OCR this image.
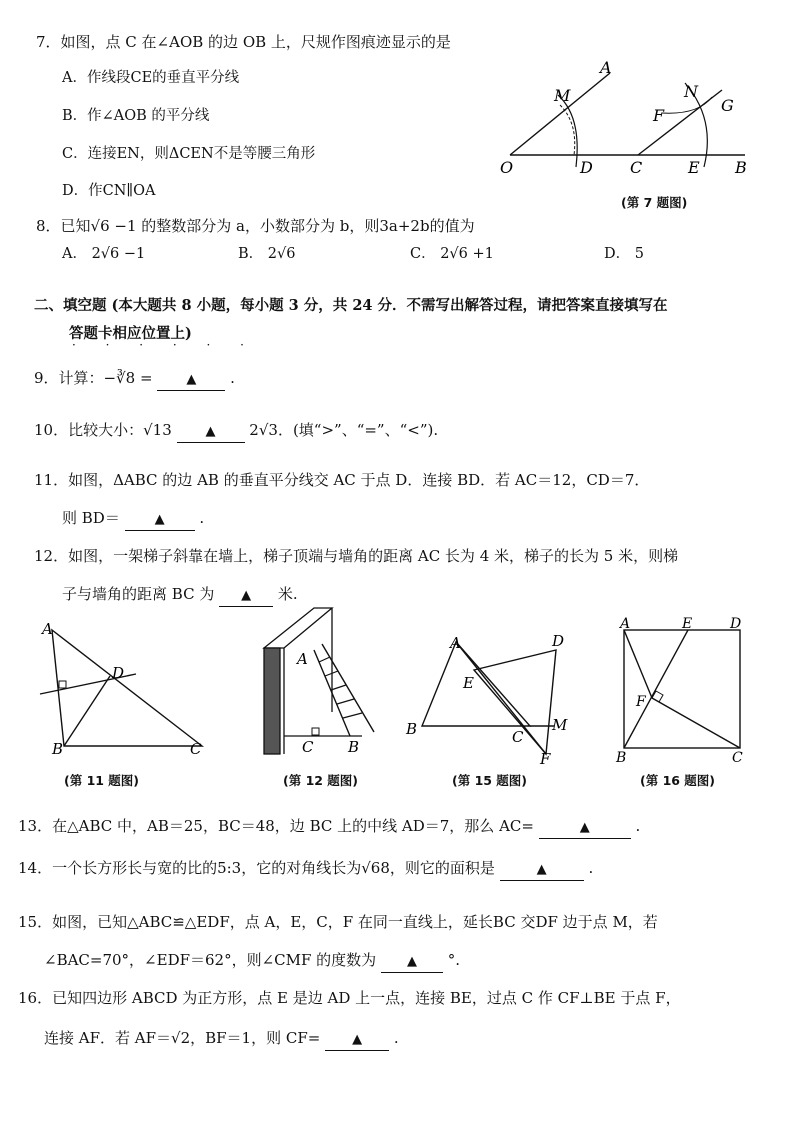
7．如图，点 C 在∠AOB 的边 OB 上，尺规作图痕迹显示的是
A．作线段CE的垂直平分线
B．作∠AOB 的平分线
C．连接EN，则ΔCEN不是等腰三角形
D．作CN∥OA
O	D C	E B
A
M
F
N
G
(第 7 题图)
8．已知√6 −1 的整数部分为 a，小数部分为 b，则3a+2b的值为
A． 2√6 −1	B． 2√6	C． 2√6 +1	D． 5
二、填空题 (本大题共 8 小题，每小题 3 分，共 24 分．不需写出解答过程，请把答案直接填写在
答题卡相应位置上)
· · · · · ·
9．计算：−∛8 =	▲ .
10．比较大小：√13	▲ 2√3．(填“>”、“=”、“<”).
11．如图，ΔABC 的边 AB 的垂直平分线交 AC 于点 D．连接 BD．若 AC＝12，CD＝7．
则 BD＝	▲ .
12．如图，一架梯子斜靠在墙上，梯子顶端与墙角的距离 AC 长为 4 米，梯子的长为 5 米，则梯
子与墙角的距离 BC 为 ▲ 米.
A
D
B	C
(第 11 题图)
A
C B
(第 12 题图)
A	D
E
B	C
M
F
(第 15 题图)
A	E	D
F
B	C
(第 16 题图)
13．在△ABC 中，AB＝25，BC＝48，边 BC 上的中线 AD＝7，那么 AC=	▲	.
14．一个长方形长与宽的比的5:3，它的对角线长为√68，则它的面积是	▲	.
15．如图，已知△ABC≌△EDF，点 A，E，C，F 在同一直线上，延长BC 交DF 边于点 M，若
∠BAC=70°，∠EDF＝62°，则∠CMF 的度数为 ▲ °.
16．已知四边形 ABCD 为正方形，点 E 是边 AD 上一点，连接 BE，过点 C 作 CF⊥BE 于点 F，
连接 AF．若 AF＝√2，BF＝1，则 CF= ▲ .
